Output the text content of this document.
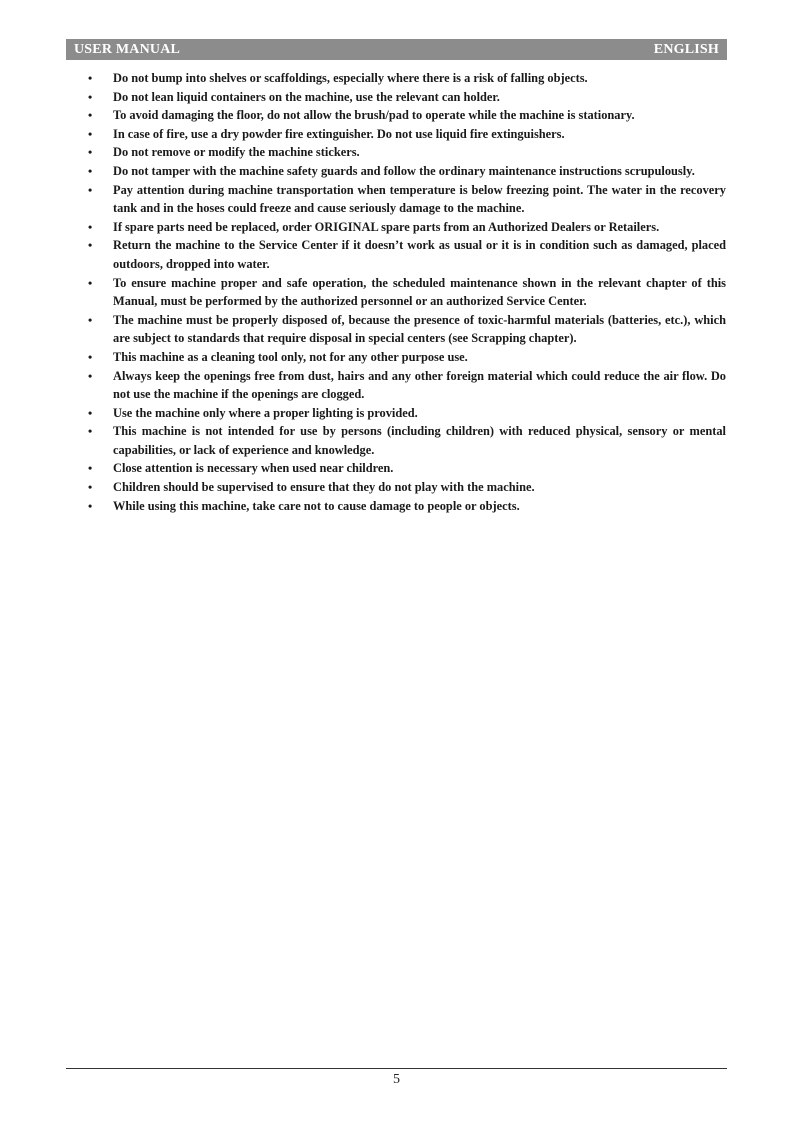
USER MANUAL	ENGLISH
• Do not bump into shelves or scaffoldings, especially where there is a risk of falling objects.
• Do not lean liquid containers on the machine, use the relevant can holder.
• To avoid damaging the floor, do not allow the brush/pad to operate while the machine is stationary.
• In case of fire, use a dry powder fire extinguisher. Do not use liquid fire extinguishers.
• Do not remove or modify the machine stickers.
• Do not tamper with the machine safety guards and follow the ordinary maintenance instructions scrupulously.
• Pay attention during machine transportation when temperature is below freezing point. The water in the recovery tank and in the hoses could freeze and cause seriously damage to the machine.
• If spare parts need be replaced, order ORIGINAL spare parts from an Authorized Dealers or Retailers.
• Return the machine to the Service Center if it doesn’t work as usual or it is in condition such as damaged, placed outdoors, dropped into water.
• To ensure machine proper and safe operation, the scheduled maintenance shown in the relevant chapter of this Manual, must be performed by the authorized personnel or an authorized Service Center.
• The machine must be properly disposed of, because the presence of toxic-harmful materials (batteries, etc.), which are subject to standards that require disposal in special centers (see Scrapping chapter).
• This machine as a cleaning tool only, not for any other purpose use.
• Always keep the openings free from dust, hairs and any other foreign material which could reduce the air flow. Do not use the machine if the openings are clogged.
• Use the machine only where a proper lighting is provided.
• This machine is not intended for use by persons (including children) with reduced physical, sensory or mental capabilities, or lack of experience and knowledge.
• Close attention is necessary when used near children.
• Children should be supervised to ensure that they do not play with the machine.
• While using this machine, take care not to cause damage to people or objects.
5
